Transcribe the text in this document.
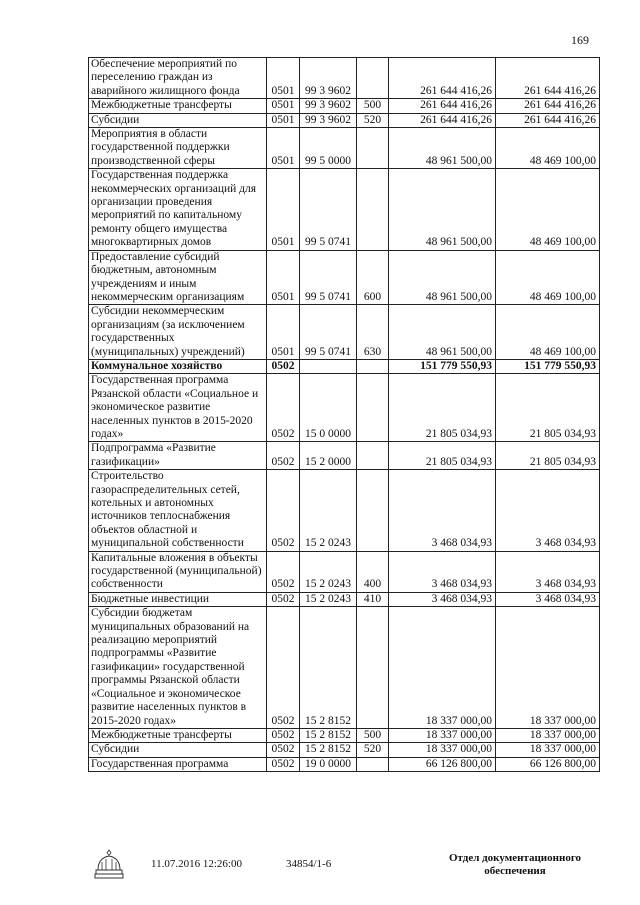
169
Обеспечение мероприятий по переселению граждан из аварийного жилищного фонда	0501	99 3 9602		261 644 416,26	261 644 416,26
Межбюджетные трансферты	0501	99 3 9602	500	261 644 416,26	261 644 416,26
Субсидии	0501	99 3 9602	520	261 644 416,26	261 644 416,26
Мероприятия в области государственной поддержки производственной сферы	0501	99 5 0000		48 961 500,00	48 469 100,00
Государственная поддержка некоммерческих организаций для организации проведения мероприятий по капитальному ремонту общего имущества многоквартирных домов	0501	99 5 0741		48 961 500,00	48 469 100,00
Предоставление субсидий бюджетным, автономным учреждениям и иным некоммерческим организациям	0501	99 5 0741	600	48 961 500,00	48 469 100,00
Субсидии некоммерческим организациям (за исключением государственных (муниципальных) учреждений)	0501	99 5 0741	630	48 961 500,00	48 469 100,00
Коммунальное хозяйство	0502			151 779 550,93	151 779 550,93
Государственная программа Рязанской области «Социальное и экономическое развитие населенных пунктов в 2015-2020 годах»	0502	15 0 0000		21 805 034,93	21 805 034,93
Подпрограмма «Развитие газификации»	0502	15 2 0000		21 805 034,93	21 805 034,93
Строительство газораспределительных сетей, котельных и автономных источников теплоснабжения объектов областной и муниципальной собственности	0502	15 2 0243		3 468 034,93	3 468 034,93
Капитальные вложения в объекты государственной (муниципальной) собственности	0502	15 2 0243	400	3 468 034,93	3 468 034,93
Бюджетные инвестиции	0502	15 2 0243	410	3 468 034,93	3 468 034,93
Субсидии бюджетам муниципальных образований на реализацию мероприятий подпрограммы «Развитие газификации» государственной программы Рязанской области «Социальное и экономическое развитие населенных пунктов в 2015-2020 годах»	0502	15 2 8152		18 337 000,00	18 337 000,00
Межбюджетные трансферты	0502	15 2 8152	500	18 337 000,00	18 337 000,00
Субсидии	0502	15 2 8152	520	18 337 000,00	18 337 000,00
Государственная программа	0502	19 0 0000		66 126 800,00	66 126 800,00
11.07.2016 12:26:00	34854/1-6	Отдел документационного обеспечения
